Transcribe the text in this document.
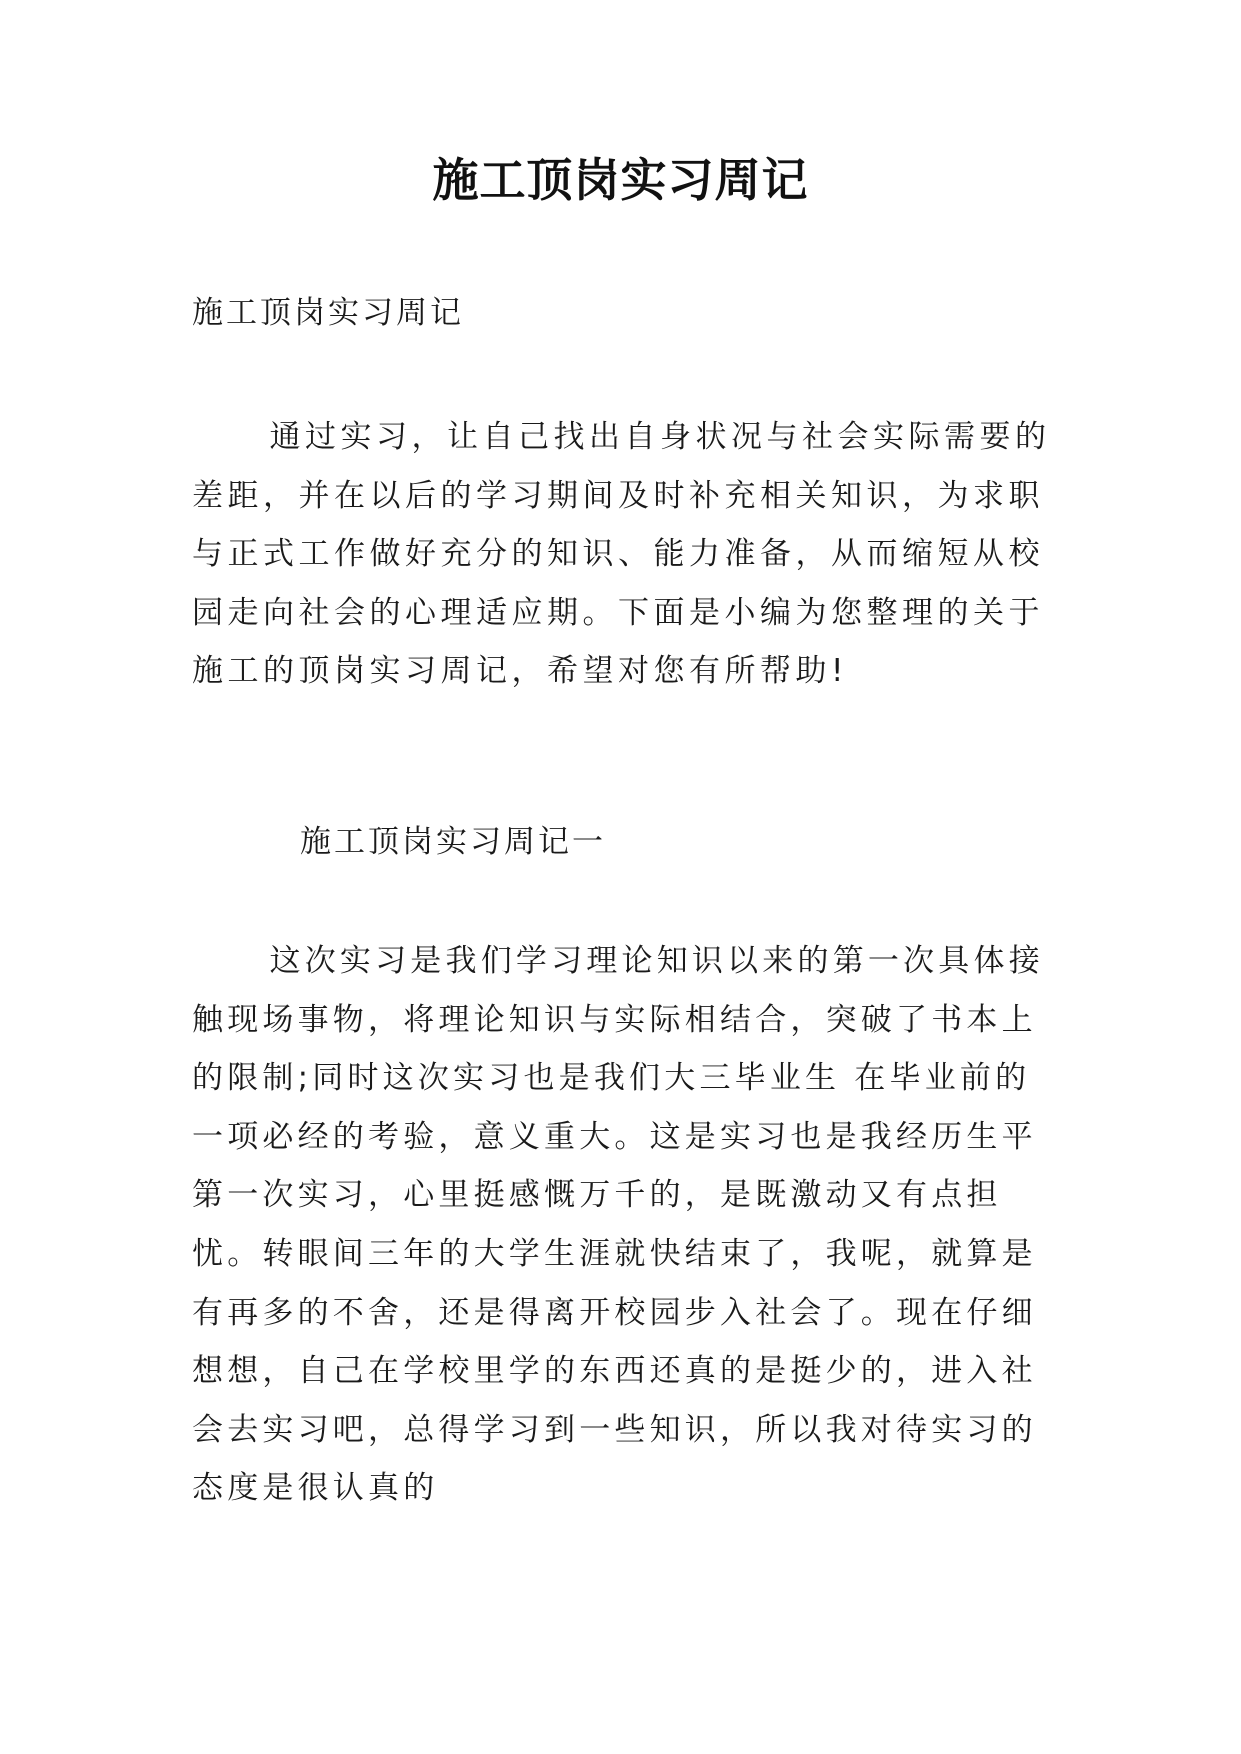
施工顶岗实习周记
施工顶岗实习周记

通过实习，让自己找出自身状况与社会实际需要的差距，并在以后的学习期间及时补充相关知识，为求职与正式工作做好充分的知识、能力准备，从而缩短从校园走向社会的心理适应期。下面是小编为您整理的关于施工的顶岗实习周记，希望对您有所帮助!

施工顶岗实习周记一

这次实习是我们学习理论知识以来的第一次具体接触现场事物，将理论知识与实际相结合，突破了书本上的限制;同时这次实习也是我们大三毕业生 在毕业前的一项必经的考验，意义重大。这是实习也是我经历生平第一次实习，心里挺感慨万千的，是既激动又有点担忧。转眼间三年的大学生涯就快结束了，我呢，就算是有再多的不舍，还是得离开校园步入社会了。现在仔细想想，自己在学校里学的东西还真的是挺少的，进入社会去实习吧，总得学习到一些知识，所以我对待实习的态度是很认真的
